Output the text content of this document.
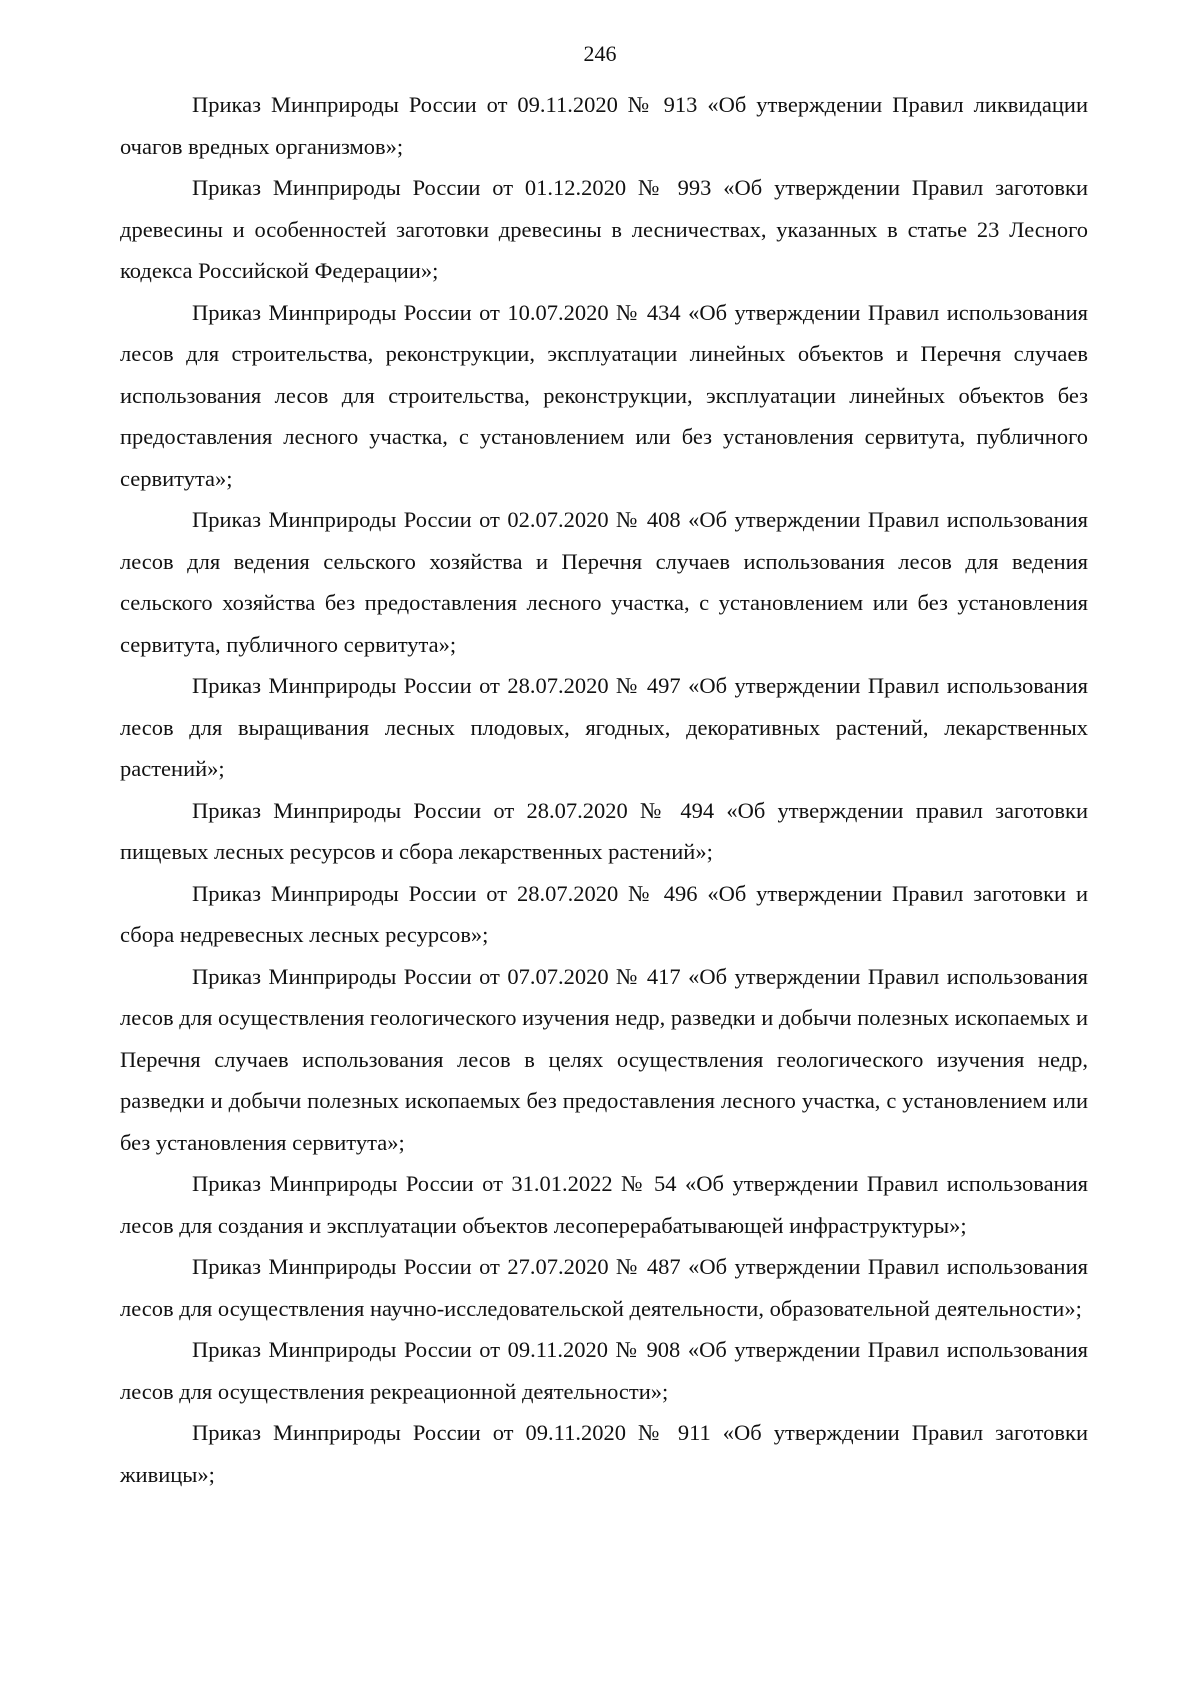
246

Приказ Минприроды России от 09.11.2020 № 913 «Об утверждении Правил ликвидации очагов вредных организмов»;

Приказ Минприроды России от 01.12.2020 № 993 «Об утверждении Правил заготовки древесины и особенностей заготовки древесины в лесничествах, указанных в статье 23 Лесного кодекса Российской Федерации»;

Приказ Минприроды России от 10.07.2020 № 434 «Об утверждении Правил использования лесов для строительства, реконструкции, эксплуатации линейных объектов и Перечня случаев использования лесов для строительства, реконструкции, эксплуатации линейных объектов без предоставления лесного участка, с установлением или без установления сервитута, публичного сервитута»;

Приказ Минприроды России от 02.07.2020 № 408 «Об утверждении Правил использования лесов для ведения сельского хозяйства и Перечня случаев использования лесов для ведения сельского хозяйства без предоставления лесного участка, с установлением или без установления сервитута, публичного сервитута»;

Приказ Минприроды России от 28.07.2020 № 497 «Об утверждении Правил использования лесов для выращивания лесных плодовых, ягодных, декоративных растений, лекарственных растений»;

Приказ Минприроды России от 28.07.2020 № 494 «Об утверждении правил заготовки пищевых лесных ресурсов и сбора лекарственных растений»;

Приказ Минприроды России от 28.07.2020 № 496 «Об утверждении Правил заготовки и сбора недревесных лесных ресурсов»;

Приказ Минприроды России от 07.07.2020 № 417 «Об утверждении Правил использования лесов для осуществления геологического изучения недр, разведки и добычи полезных ископаемых и Перечня случаев использования лесов в целях осуществления геологического изучения недр, разведки и добычи полезных ископаемых без предоставления лесного участка, с установлением или без установления сервитута»;

Приказ Минприроды России от 31.01.2022 № 54 «Об утверждении Правил использования лесов для создания и эксплуатации объектов лесоперерабатывающей инфраструктуры»;

Приказ Минприроды России от 27.07.2020 № 487 «Об утверждении Правил использования лесов для осуществления научно-исследовательской деятельности, образовательной деятельности»;

Приказ Минприроды России от 09.11.2020 № 908 «Об утверждении Правил использования лесов для осуществления рекреационной деятельности»;

Приказ Минприроды России от 09.11.2020 № 911 «Об утверждении Правил заготовки живицы»;
